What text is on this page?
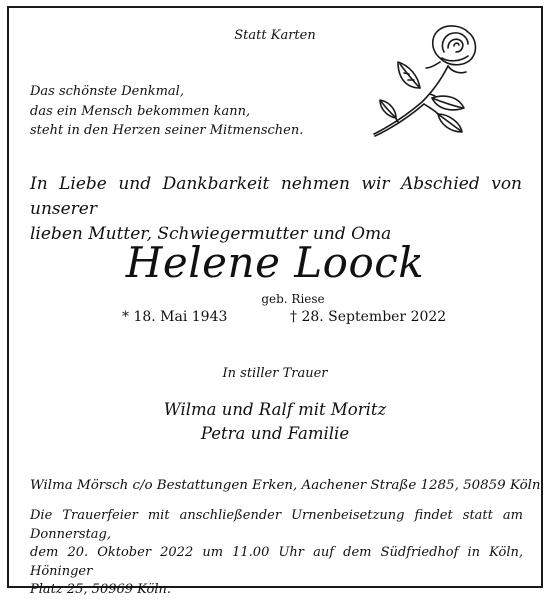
Statt Karten
Das schönste Denkmal,
das ein Mensch bekommen kann,
steht in den Herzen seiner Mitmenschen.
In Liebe und Dankbarkeit nehmen wir Abschied von unserer
lieben Mutter, Schwiegermutter und Oma
Helene Loock
geb. Riese
* 18. Mai 1943	† 28. September 2022
In stiller Trauer
Wilma und Ralf mit Moritz
Petra und Familie
Wilma Mörsch c/o Bestattungen Erken, Aachener Straße 1285, 50859 Köln
Die Trauerfeier mit anschließender Urnenbeisetzung findet statt am Donnerstag,
dem 20. Oktober 2022 um 11.00 Uhr auf dem Südfriedhof in Köln, Höninger
Platz 25, 50969 Köln.
